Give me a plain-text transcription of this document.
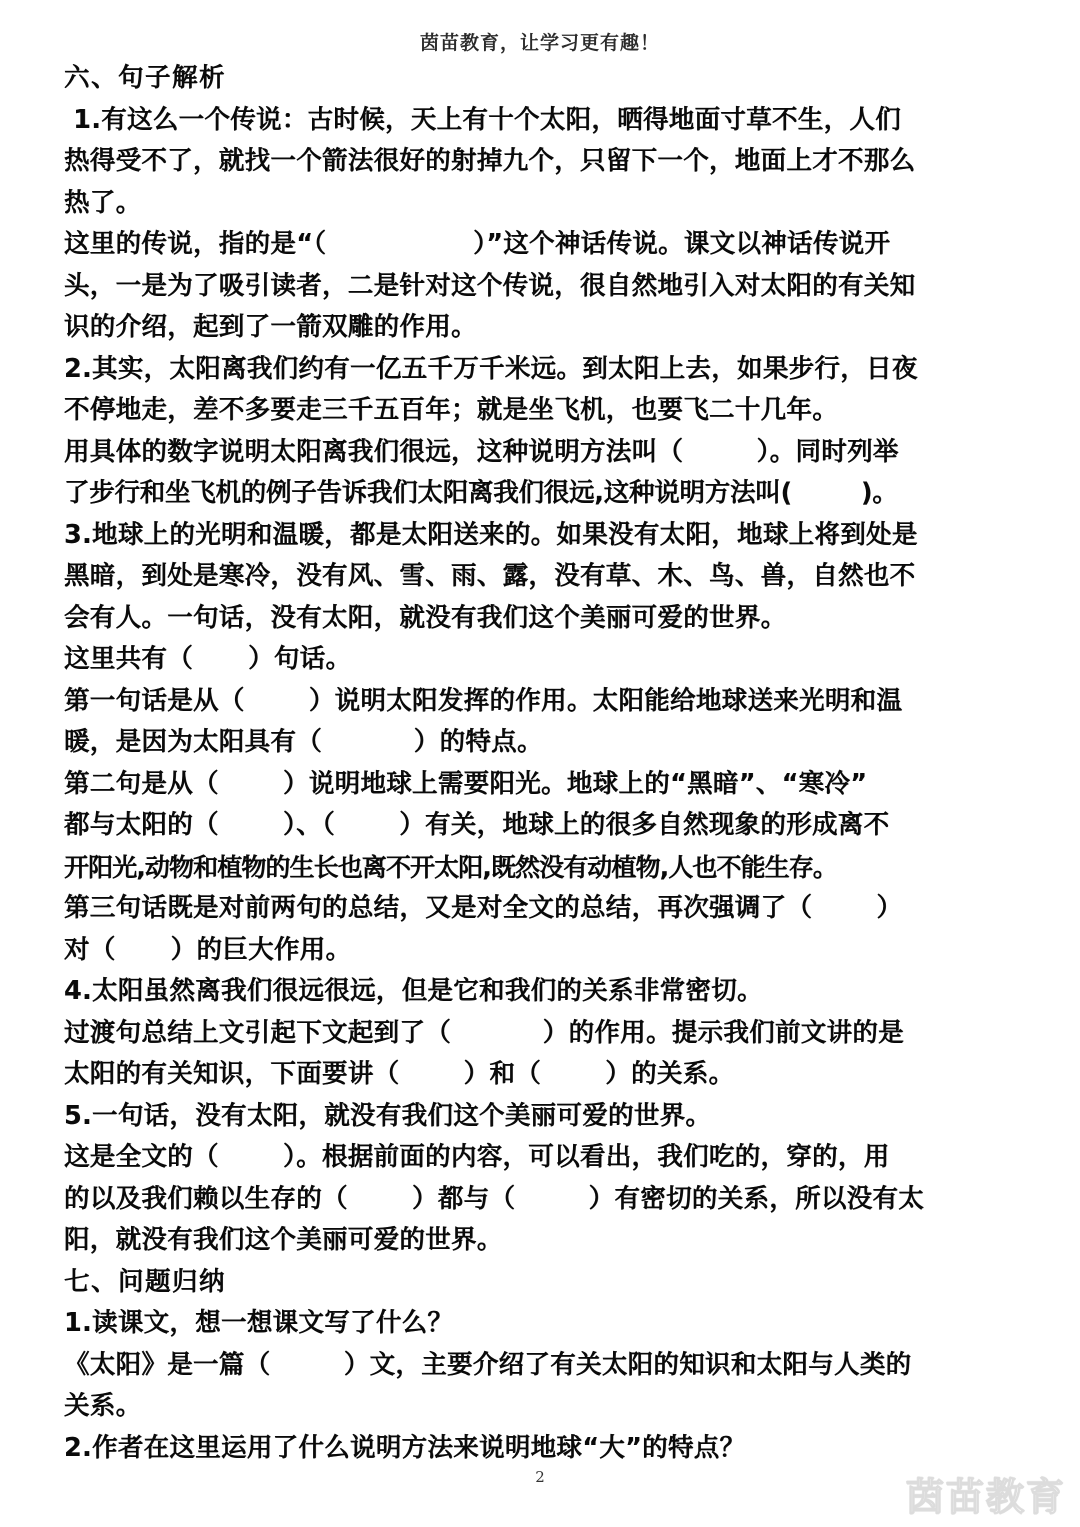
茵苗教育，让学习更有趣！
六、句子解析
1.有这么一个传说：古时候，天上有十个太阳，晒得地面寸草不生，人们
热得受不了，就找一个箭法很好的射掉九个，只留下一个，地面上才不那么
热了。
这里的传说，指的是“（                ）”这个神话传说。课文以神话传说开
头，一是为了吸引读者，二是针对这个传说，很自然地引入对太阳的有关知
识的介绍，起到了一箭双雕的作用。
2.其实，太阳离我们约有一亿五千万千米远。到太阳上去，如果步行，日夜
不停地走，差不多要走三千五百年；就是坐飞机，也要飞二十几年。
用具体的数字说明太阳离我们很远，这种说明方法叫（        ）。同时列举
了步行和坐飞机的例子告诉我们太阳离我们很远,这种说明方法叫(        )。
3.地球上的光明和温暖，都是太阳送来的。如果没有太阳，地球上将到处是
黑暗，到处是寒冷，没有风、雪、雨、露，没有草、木、鸟、兽，自然也不
会有人。一句话，没有太阳，就没有我们这个美丽可爱的世界。
这里共有（      ）句话。
第一句话是从（       ）说明太阳发挥的作用。太阳能给地球送来光明和温
暖，是因为太阳具有（          ）的特点。
第二句是从（       ）说明地球上需要阳光。地球上的“黑暗”、“寒冷”
都与太阳的（       ）、（       ）有关，地球上的很多自然现象的形成离不
开阳光,动物和植物的生长也离不开太阳,既然没有动植物,人也不能生存。
第三句话既是对前两句的总结，又是对全文的总结，再次强调了（       ）
对（      ）的巨大作用。
4.太阳虽然离我们很远很远，但是它和我们的关系非常密切。
过渡句总结上文引起下文起到了（          ）的作用。提示我们前文讲的是
太阳的有关知识，下面要讲（       ）和（       ）的关系。
5.一句话，没有太阳，就没有我们这个美丽可爱的世界。
这是全文的（       ）。根据前面的内容，可以看出，我们吃的，穿的，用
的以及我们赖以生存的（       ）都与（        ）有密切的关系，所以没有太
阳，就没有我们这个美丽可爱的世界。
七、问题归纳
1.读课文，想一想课文写了什么？
《太阳》是一篇（        ）文，主要介绍了有关太阳的知识和太阳与人类的
关系。
2.作者在这里运用了什么说明方法来说明地球“大”的特点？
2	茵苗教育
